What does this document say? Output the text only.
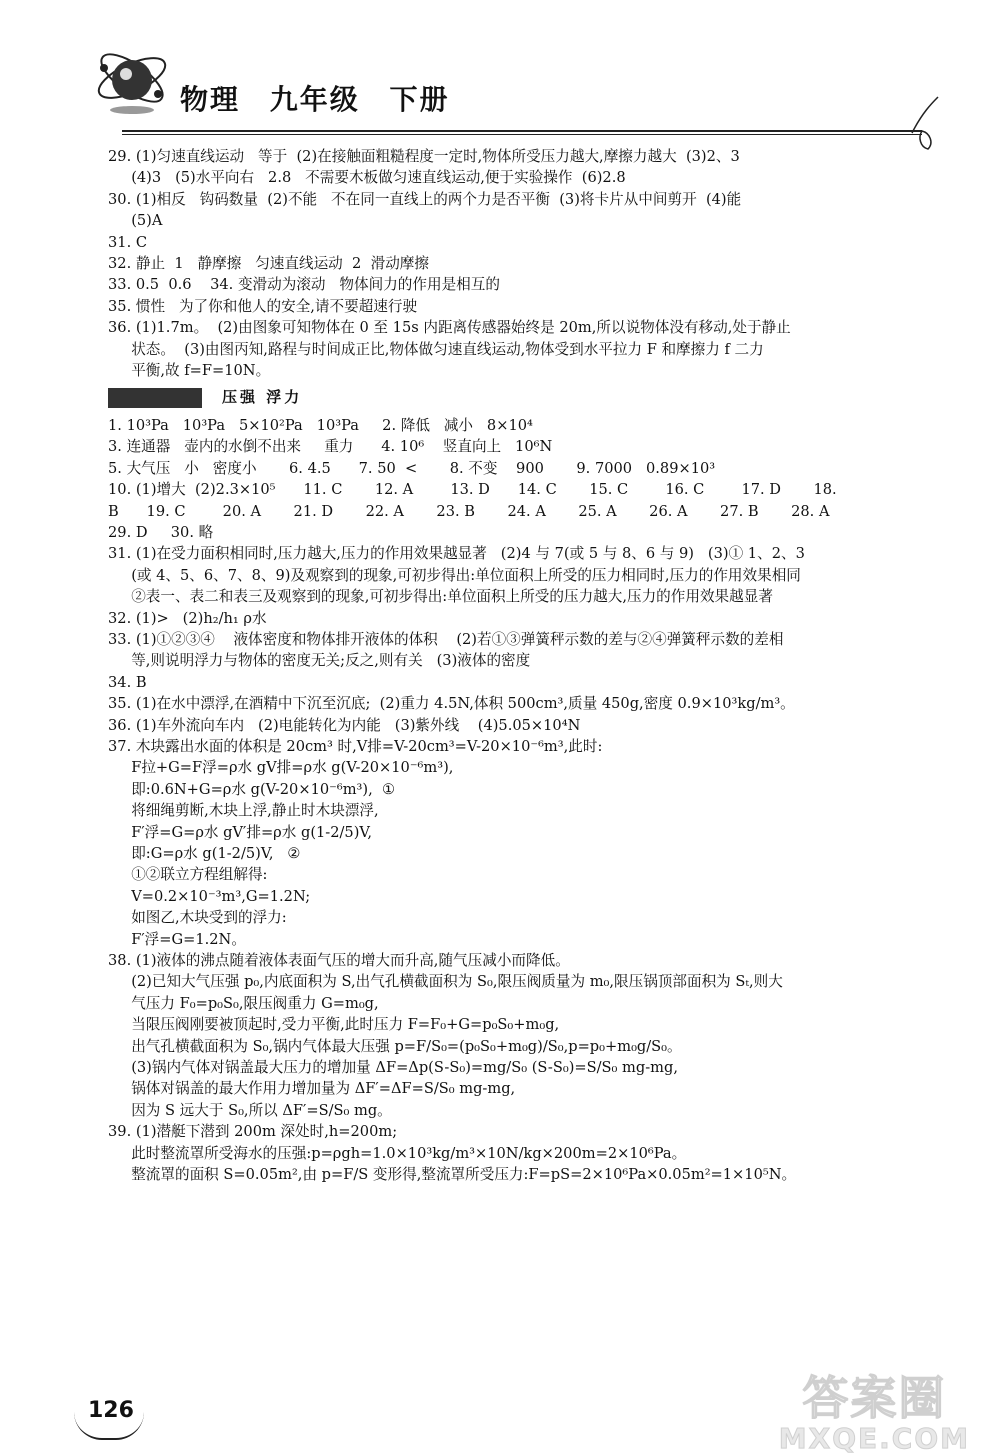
物理 九年级 下册
29. (1)匀速直线运动   等于  (2)在接触面粗糙程度一定时,物体所受压力越大,摩擦力越大  (3)2、3
(4)3   (5)水平向右   2.8   不需要木板做匀速直线运动,便于实验操作  (6)2.8
30. (1)相反   钩码数量  (2)不能   不在同一直线上的两个力是否平衡  (3)将卡片从中间剪开  (4)能
(5)A
31. C
32. 静止  1   静摩擦   匀速直线运动  2  滑动摩擦
33. 0.5  0.6    34. 变滑动为滚动   物体间力的作用是相互的
35. 惯性   为了你和他人的安全,请不要超速行驶
36. (1)1.7m。  (2)由图象可知物体在 0 至 15s 内距离传感器始终是 20m,所以说物体没有移动,处于静止
状态。  (3)由图丙知,路程与时间成正比,物体做匀速直线运动,物体受到水平拉力 F 和摩擦力 f 二力
平衡,故 f=F=10N。
压强 浮力
1. 10³Pa   10³Pa   5×10²Pa   10³Pa     2. 降低   减小   8×10⁴
3. 连通器   壶内的水倒不出来     重力      4. 10⁶    竖直向上   10⁶N
5. 大气压   小   密度小       6. 4.5      7. 50  <       8. 不变    900       9. 7000   0.89×10³
10. (1)增大  (2)2.3×10⁵      11. C       12. A        13. D      14. C       15. C        16. C        17. D       18.
B      19. C        20. A       21. D       22. A       23. B       24. A       25. A       26. A       27. B       28. A
29. D     30. 略
31. (1)在受力面积相同时,压力越大,压力的作用效果越显著   (2)4 与 7(或 5 与 8、6 与 9)   (3)① 1、2、3
(或 4、5、6、7、8、9)及观察到的现象,可初步得出:单位面积上所受的压力相同时,压力的作用效果相同
②表一、表二和表三及观察到的现象,可初步得出:单位面积上所受的压力越大,压力的作用效果越显著
32. (1)>   (2)h₂/h₁ ρ水
33. (1)①②③④    液体密度和物体排开液体的体积    (2)若①③弹簧秤示数的差与②④弹簧秤示数的差相
等,则说明浮力与物体的密度无关;反之,则有关   (3)液体的密度
34. B
35. (1)在水中漂浮,在酒精中下沉至沉底;  (2)重力 4.5N,体积 500cm³,质量 450g,密度 0.9×10³kg/m³。
36. (1)车外流向车内   (2)电能转化为内能   (3)紫外线    (4)5.05×10⁴N
37. 木块露出水面的体积是 20cm³ 时,V排=V-20cm³=V-20×10⁻⁶m³,此时:
F拉+G=F浮=ρ水 gV排=ρ水 g(V-20×10⁻⁶m³),
即:0.6N+G=ρ水 g(V-20×10⁻⁶m³),  ①
将细绳剪断,木块上浮,静止时木块漂浮,
F′浮=G=ρ水 gV′排=ρ水 g(1-2/5)V,
即:G=ρ水 g(1-2/5)V,   ②
①②联立方程组解得:
V=0.2×10⁻³m³,G=1.2N;
如图乙,木块受到的浮力:
F′浮=G=1.2N。
38. (1)液体的沸点随着液体表面气压的增大而升高,随气压减小而降低。
(2)已知大气压强 p₀,内底面积为 S,出气孔横截面积为 S₀,限压阀质量为 m₀,限压锅顶部面积为 Sₜ,则大
气压力 F₀=p₀S₀,限压阀重力 G=m₀g,
当限压阀刚要被顶起时,受力平衡,此时压力 F=F₀+G=p₀S₀+m₀g,
出气孔横截面积为 S₀,锅内气体最大压强 p=F/S₀=(p₀S₀+m₀g)/S₀,p=p₀+m₀g/S₀。
(3)锅内气体对锅盖最大压力的增加量 ΔF=Δp(S-S₀)=mg/S₀ (S-S₀)=S/S₀ mg-mg,
锅体对锅盖的最大作用力增加量为 ΔF′=ΔF=S/S₀ mg-mg,
因为 S 远大于 S₀,所以 ΔF′=S/S₀ mg。
39. (1)潜艇下潜到 200m 深处时,h=200m;
此时整流罩所受海水的压强:p=ρgh=1.0×10³kg/m³×10N/kg×200m=2×10⁶Pa。
整流罩的面积 S=0.05m²,由 p=F/S 变形得,整流罩所受压力:F=pS=2×10⁶Pa×0.05m²=1×10⁵N。
126	答案圈
MXQE.COM
